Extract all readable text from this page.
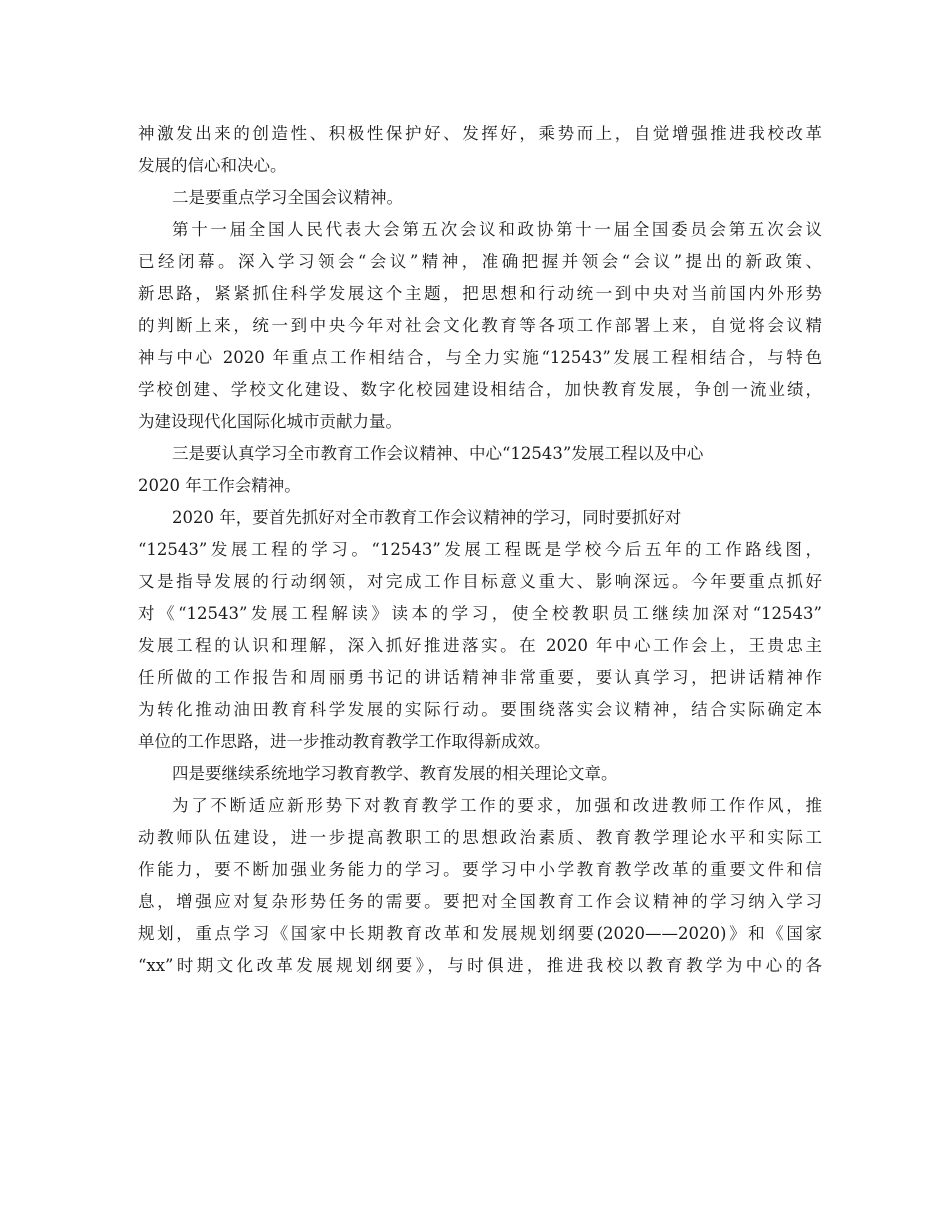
神激发出来的创造性、积极性保护好、发挥好，乘势而上，自觉增强推进我校改革
发展的信心和决心。
二是要重点学习全国会议精神。
第十一届全国人民代表大会第五次会议和政协第十一届全国委员会第五次会议
已经闭幕。深入学习领会“会议”精神，准确把握并领会“会议”提出的新政策、
新思路，紧紧抓住科学发展这个主题，把思想和行动统一到中央对当前国内外形势
的判断上来，统一到中央今年对社会文化教育等各项工作部署上来，自觉将会议精
神与中心 2020 年重点工作相结合，与全力实施“12543”发展工程相结合，与特色
学校创建、学校文化建设、数字化校园建设相结合，加快教育发展，争创一流业绩，
为建设现代化国际化城市贡献力量。
三是要认真学习全市教育工作会议精神、中心“12543”发展工程以及中心
2020 年工作会精神。
2020 年，要首先抓好对全市教育工作会议精神的学习，同时要抓好对
“12543”发展工程的学习。“12543”发展工程既是学校今后五年的工作路线图，
又是指导发展的行动纲领，对完成工作目标意义重大、影响深远。今年要重点抓好
对《“12543”发展工程解读》读本的学习，使全校教职员工继续加深对“12543”
发展工程的认识和理解，深入抓好推进落实。在 2020 年中心工作会上，王贵忠主
任所做的工作报告和周丽勇书记的讲话精神非常重要，要认真学习，把讲话精神作
为转化推动油田教育科学发展的实际行动。要围绕落实会议精神，结合实际确定本
单位的工作思路，进一步推动教育教学工作取得新成效。
四是要继续系统地学习教育教学、教育发展的相关理论文章。
为了不断适应新形势下对教育教学工作的要求，加强和改进教师工作作风，推
动教师队伍建设，进一步提高教职工的思想政治素质、教育教学理论水平和实际工
作能力，要不断加强业务能力的学习。要学习中小学教育教学改革的重要文件和信
息，增强应对复杂形势任务的需要。要把对全国教育工作会议精神的学习纳入学习
规划，重点学习《国家中长期教育改革和发展规划纲要(2020——2020)》和《国家
“xx”时期文化改革发展规划纲要》，与时俱进，推进我校以教育教学为中心的各
